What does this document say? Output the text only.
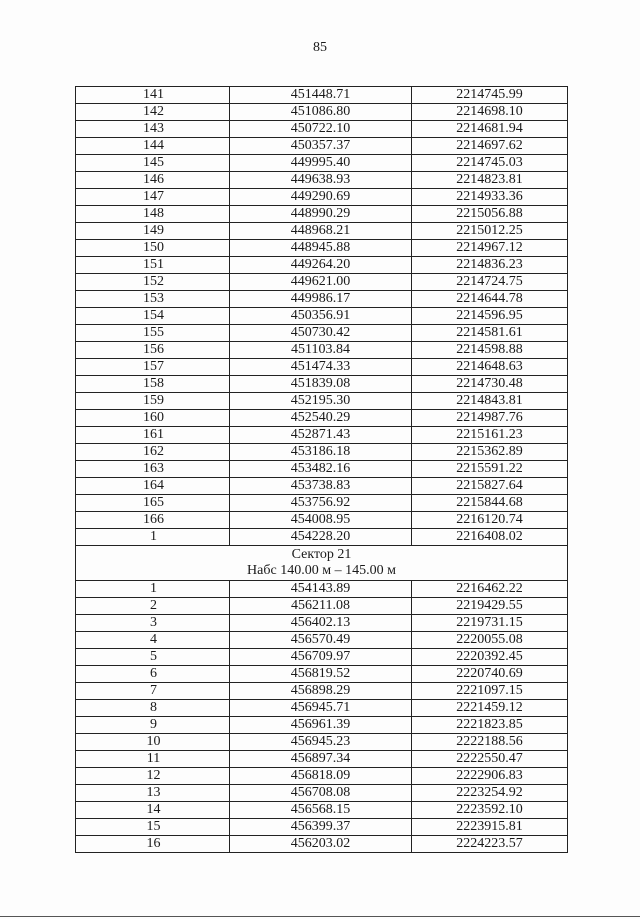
85
141	451448.71	2214745.99
142	451086.80	2214698.10
143	450722.10	2214681.94
144	450357.37	2214697.62
145	449995.40	2214745.03
146	449638.93	2214823.81
147	449290.69	2214933.36
148	448990.29	2215056.88
149	448968.21	2215012.25
150	448945.88	2214967.12
151	449264.20	2214836.23
152	449621.00	2214724.75
153	449986.17	2214644.78
154	450356.91	2214596.95
155	450730.42	2214581.61
156	451103.84	2214598.88
157	451474.33	2214648.63
158	451839.08	2214730.48
159	452195.30	2214843.81
160	452540.29	2214987.76
161	452871.43	2215161.23
162	453186.18	2215362.89
163	453482.16	2215591.22
164	453738.83	2215827.64
165	453756.92	2215844.68
166	454008.95	2216120.74
1	454228.20	2216408.02

Сектор 21
Набс 140.00 м – 145.00 м		

1	454143.89	2216462.22
2	456211.08	2219429.55
3	456402.13	2219731.15
4	456570.49	2220055.08
5	456709.97	2220392.45
6	456819.52	2220740.69
7	456898.29	2221097.15
8	456945.71	2221459.12
9	456961.39	2221823.85
10	456945.23	2222188.56
11	456897.34	2222550.47
12	456818.09	2222906.83
13	456708.08	2223254.92
14	456568.15	2223592.10
15	456399.37	2223915.81
16	456203.02	2224223.57
